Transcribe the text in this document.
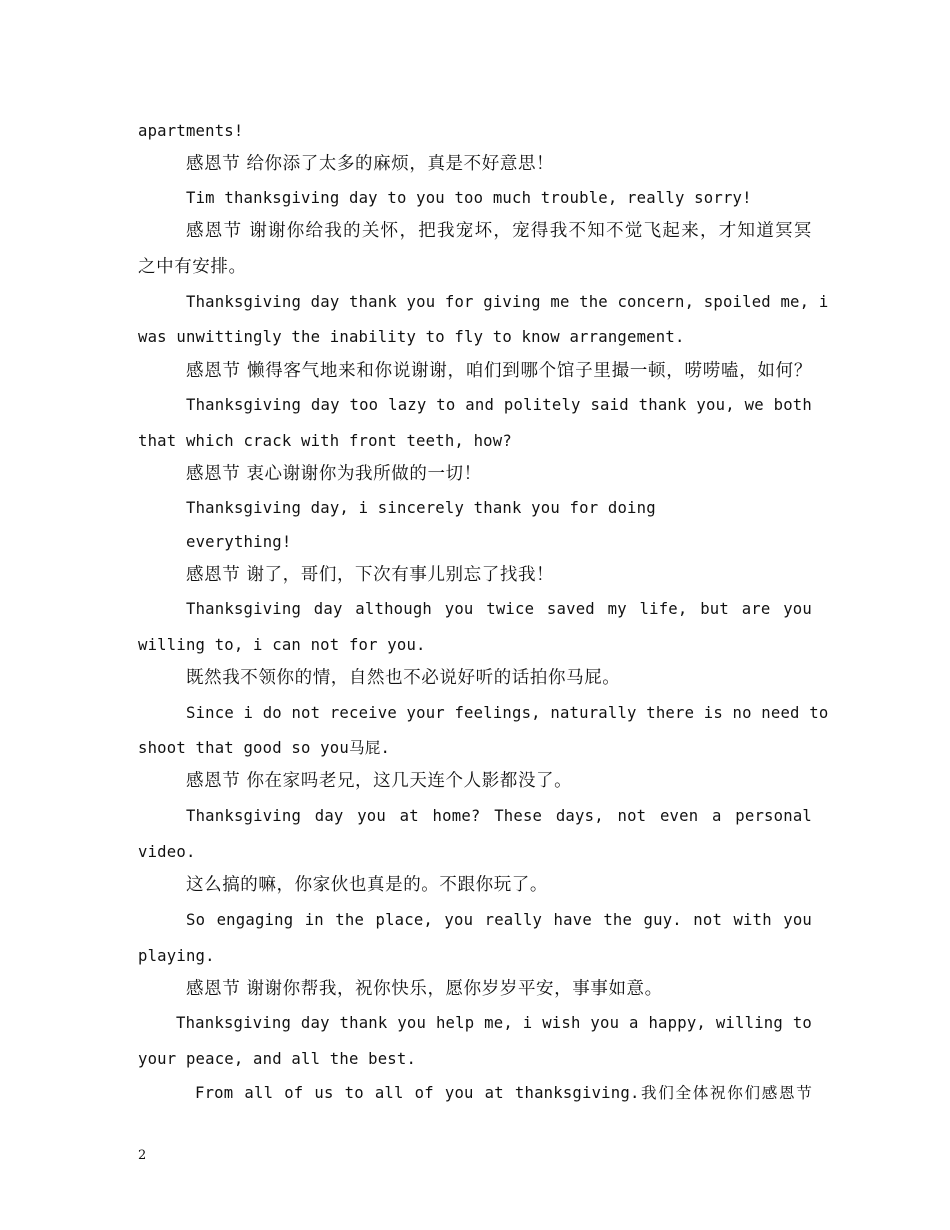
apartments!

感恩节 给你添了太多的麻烦，真是不好意思！

Tim thanksgiving day to you too much trouble, really sorry!

感恩节 谢谢你给我的关怀，把我宠坏，宠得我不知不觉飞起来，才知道冥冥

之中有安排。

Thanksgiving day thank you for giving me the concern, spoiled me, i

was unwittingly the inability to fly to know arrangement.

感恩节 懒得客气地来和你说谢谢，咱们到哪个馆子里撮一顿，唠唠嗑，如何？

Thanksgiving day too lazy to and politely said thank you, we both

that which crack with front teeth, how?

感恩节 衷心谢谢你为我所做的一切！

Thanksgiving day, i sincerely thank you for doing

everything!

感恩节 谢了，哥们，下次有事儿别忘了找我！

Thanksgiving day although you twice saved my life, but are you

willing to, i can not for you.

既然我不领你的情，自然也不必说好听的话拍你马屁。

Since i do not receive your feelings, naturally there is no need to

shoot that good so you马屁.

感恩节 你在家吗老兄，这几天连个人影都没了。

Thanksgiving day you at home? These days, not even a personal

video.

这么搞的嘛，你家伙也真是的。不跟你玩了。

So engaging in the place, you really have the guy. not with you

playing.

感恩节 谢谢你帮我，祝你快乐，愿你岁岁平安，事事如意。

Thanksgiving day thank you help me, i wish you a happy, willing to

your peace, and all the best.

From all of us to all of you at thanksgiving.我们全体祝你们感恩节

2
